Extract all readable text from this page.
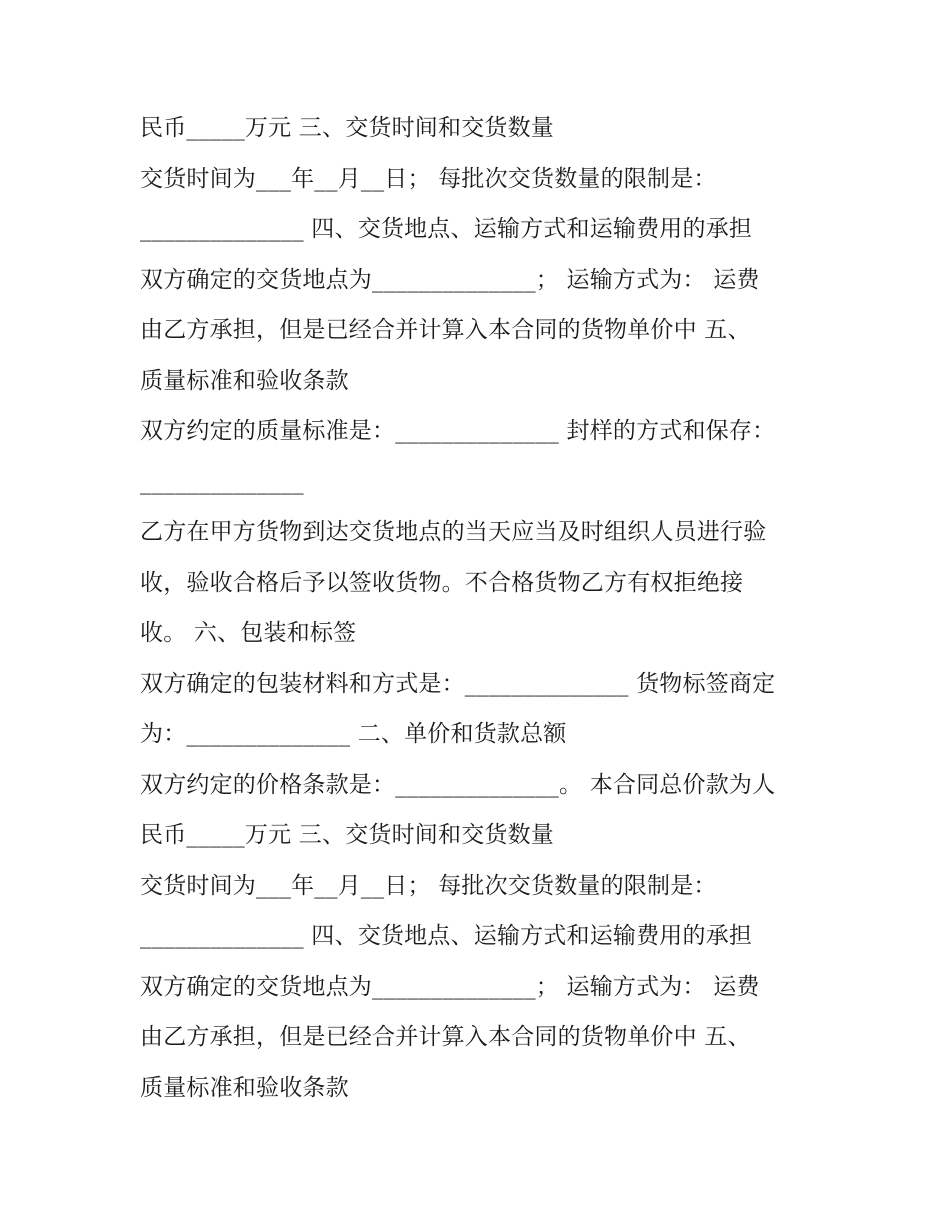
民币_____万元 三、交货时间和交货数量
交货时间为___年__月__日； 每批次交货数量的限制是：
______________ 四、交货地点、运输方式和运输费用的承担
双方确定的交货地点为______________； 运输方式为： 运费
由乙方承担，但是已经合并计算入本合同的货物单价中 五、
质量标准和验收条款
双方约定的质量标准是：______________ 封样的方式和保存：
______________
乙方在甲方货物到达交货地点的当天应当及时组织人员进行验
收，验收合格后予以签收货物。不合格货物乙方有权拒绝接
收。 六、包装和标签
双方确定的包装材料和方式是：______________ 货物标签商定
为：______________ 二、单价和货款总额
双方约定的价格条款是：______________。 本合同总价款为人
民币_____万元 三、交货时间和交货数量
交货时间为___年__月__日； 每批次交货数量的限制是：
______________ 四、交货地点、运输方式和运输费用的承担
双方确定的交货地点为______________； 运输方式为： 运费
由乙方承担，但是已经合并计算入本合同的货物单价中 五、
质量标准和验收条款
